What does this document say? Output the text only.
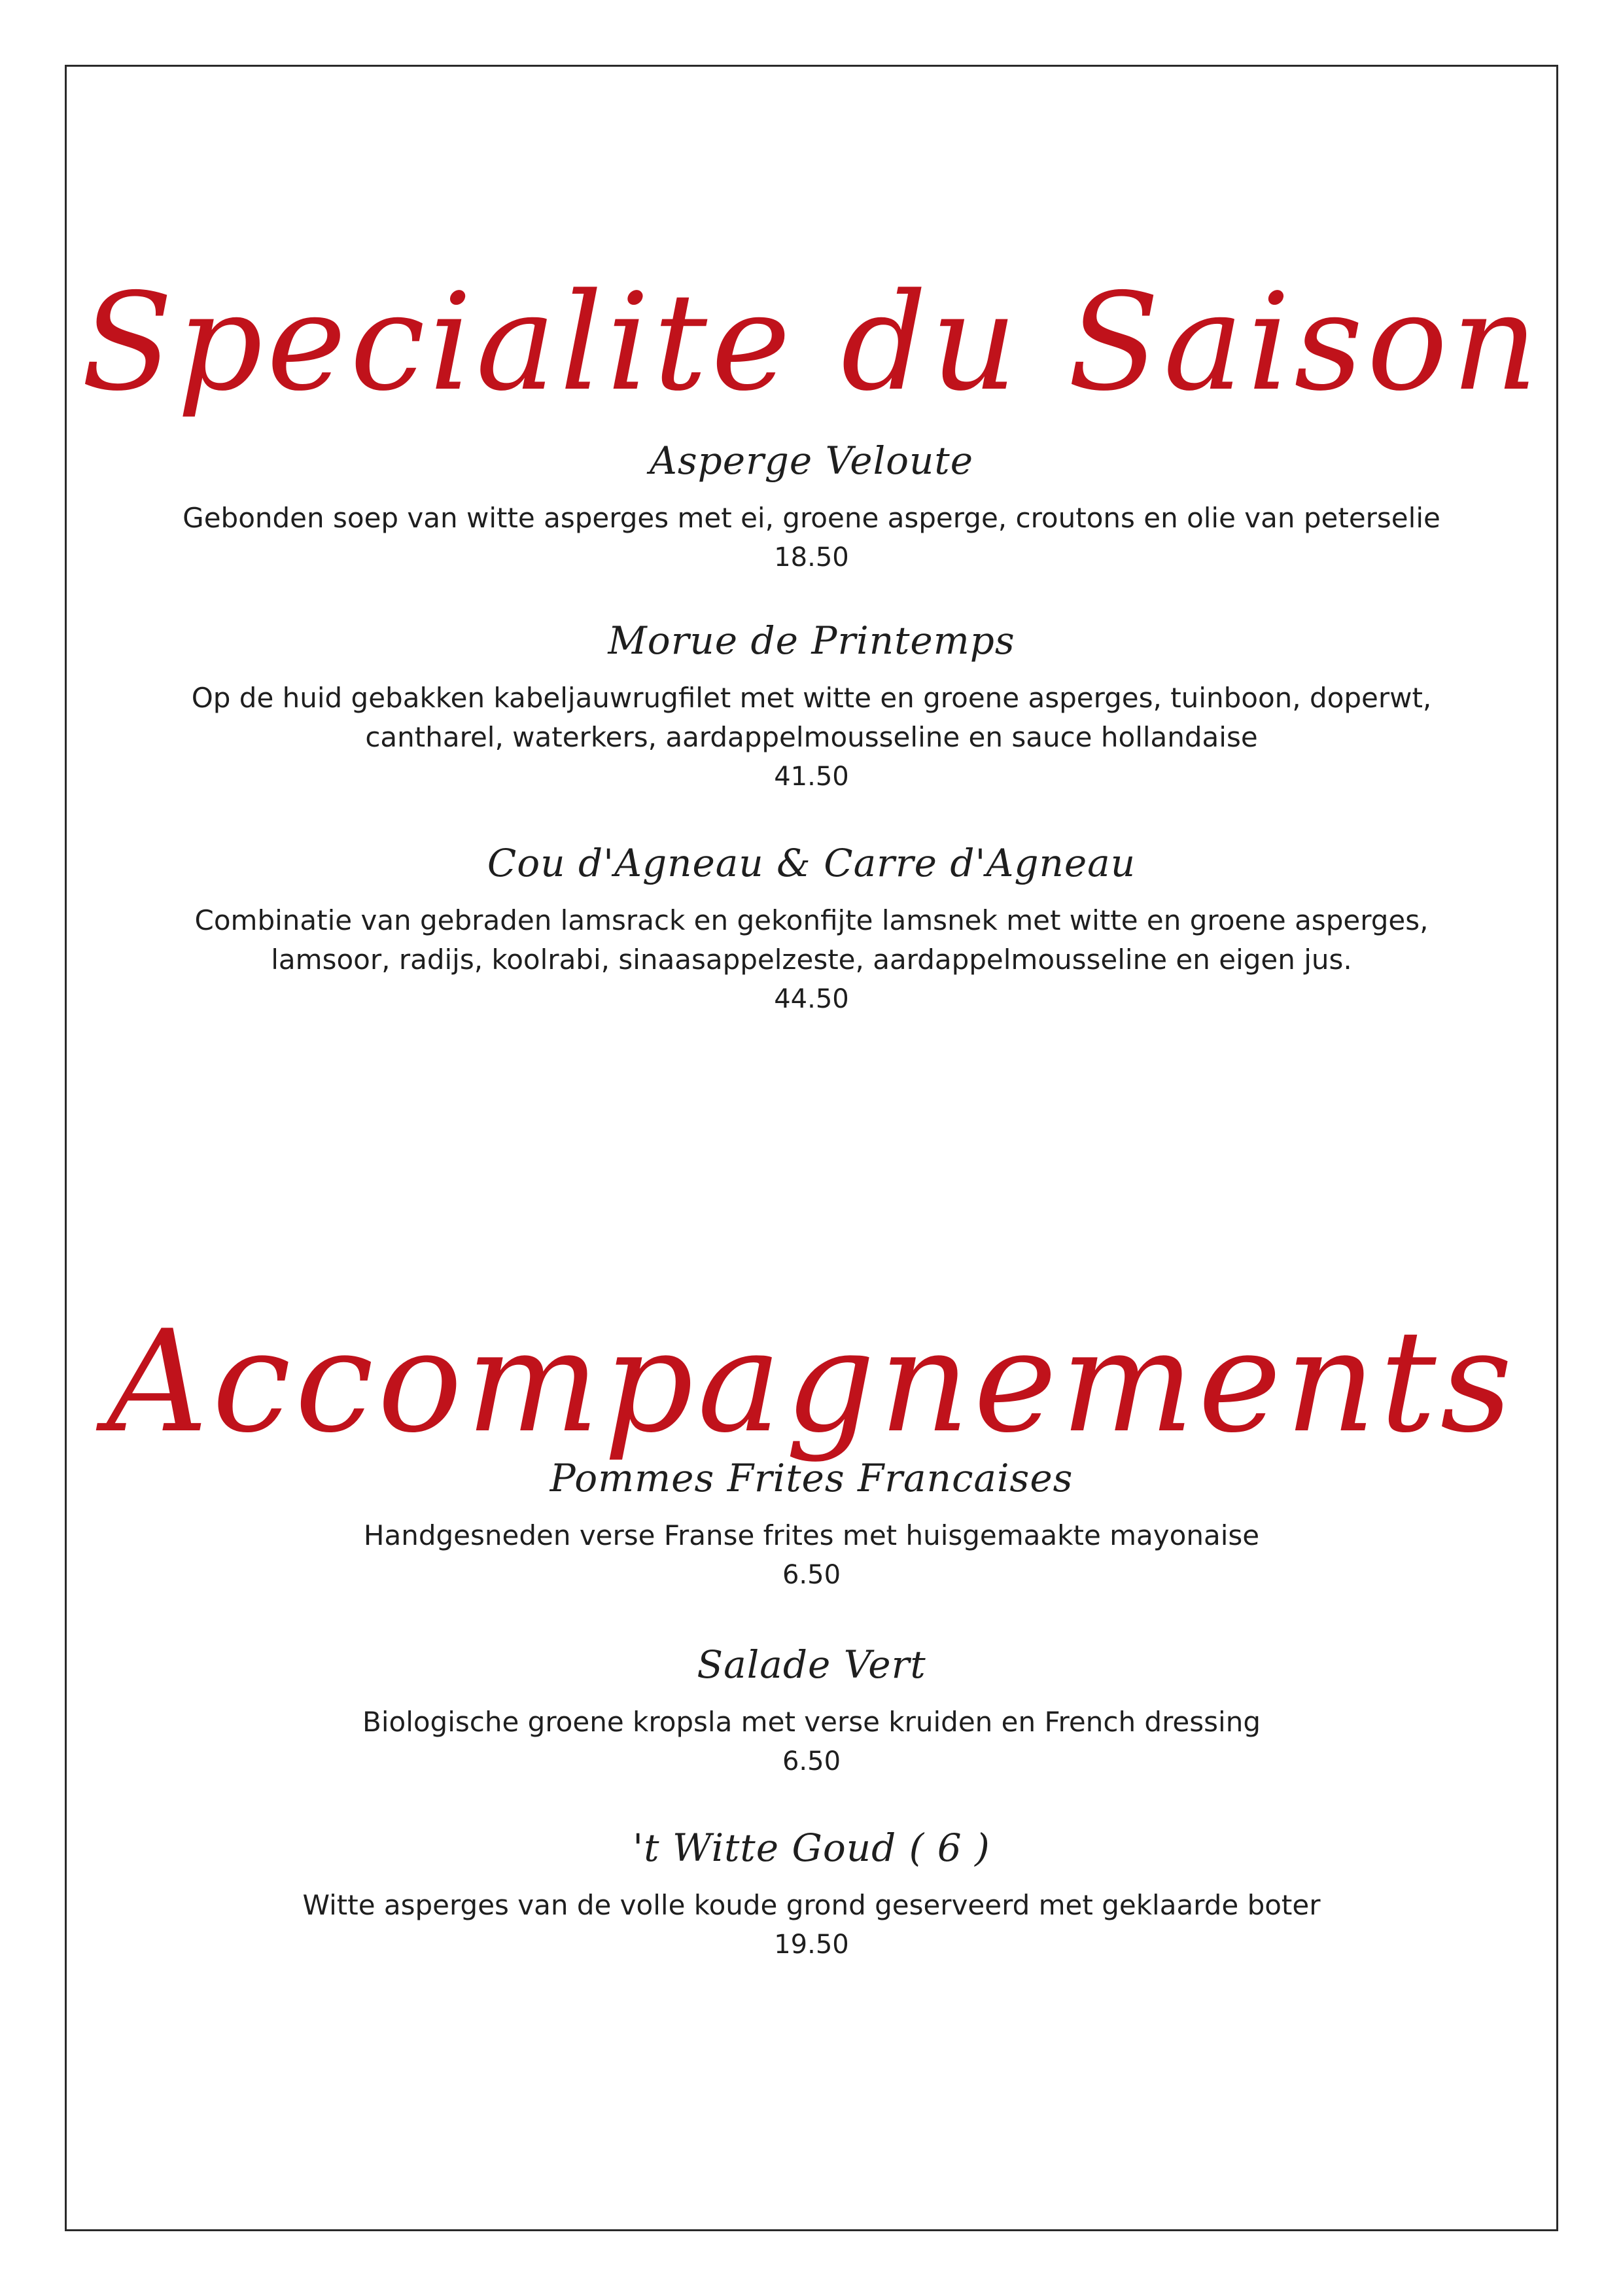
Specialite du Saison

Asperge Veloute

Gebonden soep van witte asperges met ei, groene asperge, croutons en olie van peterselie

18.50

Morue de Printemps

Op de huid gebakken kabeljauwrugfilet met witte en groene asperges, tuinboon, doperwt,
cantharel, waterkers, aardappelmousseline en sauce hollandaise

41.50

Cou d'Agneau & Carre d'Agneau

Combinatie van gebraden lamsrack en gekonfijte lamsnek met witte en groene asperges,
lamsoor, radijs, koolrabi, sinaasappelzeste, aardappelmousseline en eigen jus.

44.50

Accompagnements

Pommes Frites Francaises

Handgesneden verse Franse frites met huisgemaakte mayonaise

6.50

Salade Vert

Biologische groene kropsla met verse kruiden en French dressing

6.50

't Witte Goud ( 6 )

Witte asperges van de volle koude grond geserveerd met geklaarde boter

19.50
